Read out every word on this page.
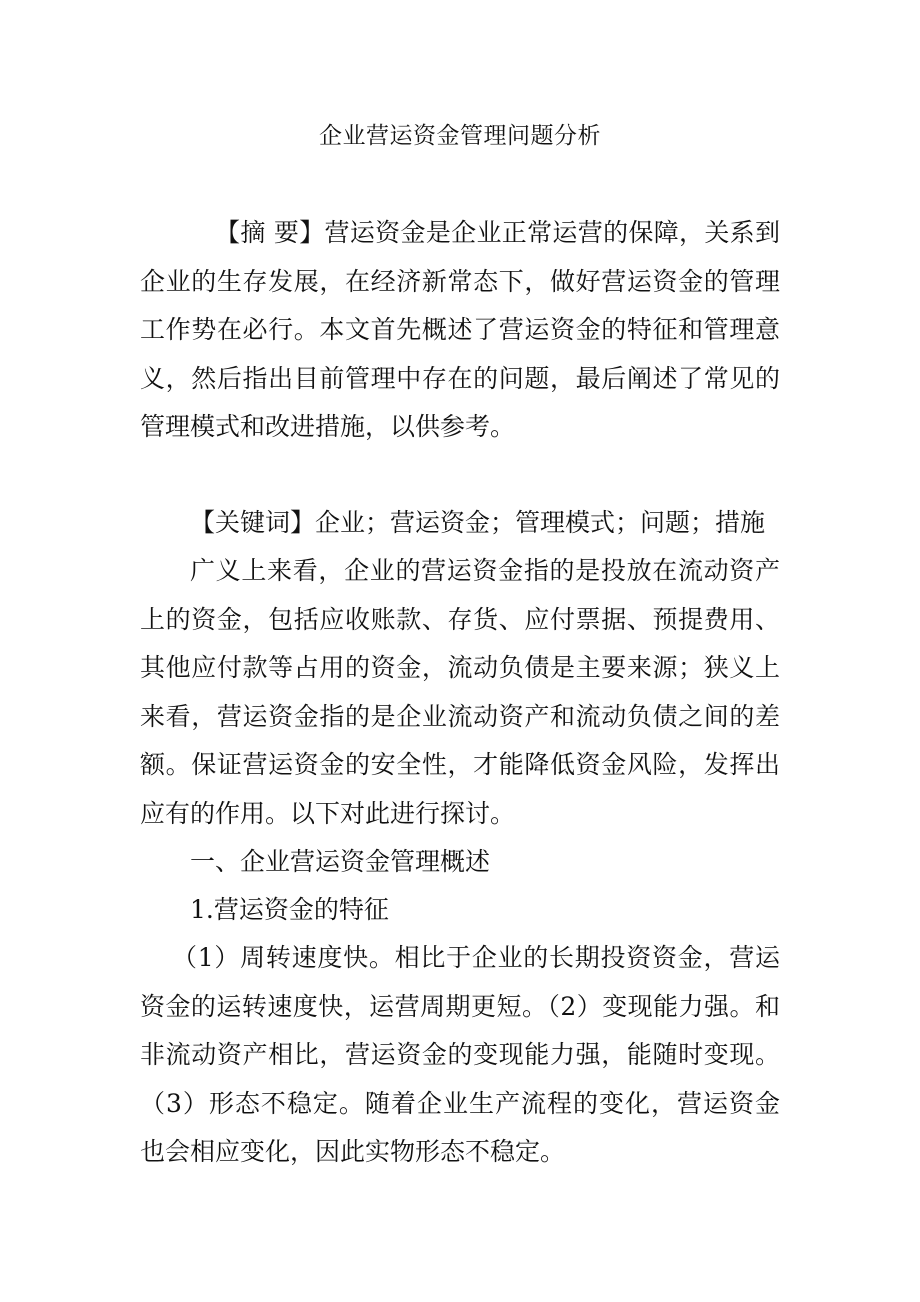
企业营运资金管理问题分析

【摘 要】营运资金是企业正常运营的保障，关系到企业的生存发展，在经济新常态下，做好营运资金的管理工作势在必行。本文首先概述了营运资金的特征和管理意义，然后指出目前管理中存在的问题，最后阐述了常见的管理模式和改进措施，以供参考。

【关键词】企业；营运资金；管理模式；问题；措施

广义上来看，企业的营运资金指的是投放在流动资产上的资金，包括应收账款、存货、应付票据、预提费用、其他应付款等占用的资金，流动负债是主要来源；狭义上来看，营运资金指的是企业流动资产和流动负债之间的差额。保证营运资金的安全性，才能降低资金风险，发挥出应有的作用。以下对此进行探讨。

一、企业营运资金管理概述

1.营运资金的特征

（1）周转速度快。相比于企业的长期投资资金，营运资金的运转速度快，运营周期更短。（2）变现能力强。和非流动资产相比，营运资金的变现能力强，能随时变现。（3）形态不稳定。随着企业生产流程的变化，营运资金也会相应变化，因此实物形态不稳定。
